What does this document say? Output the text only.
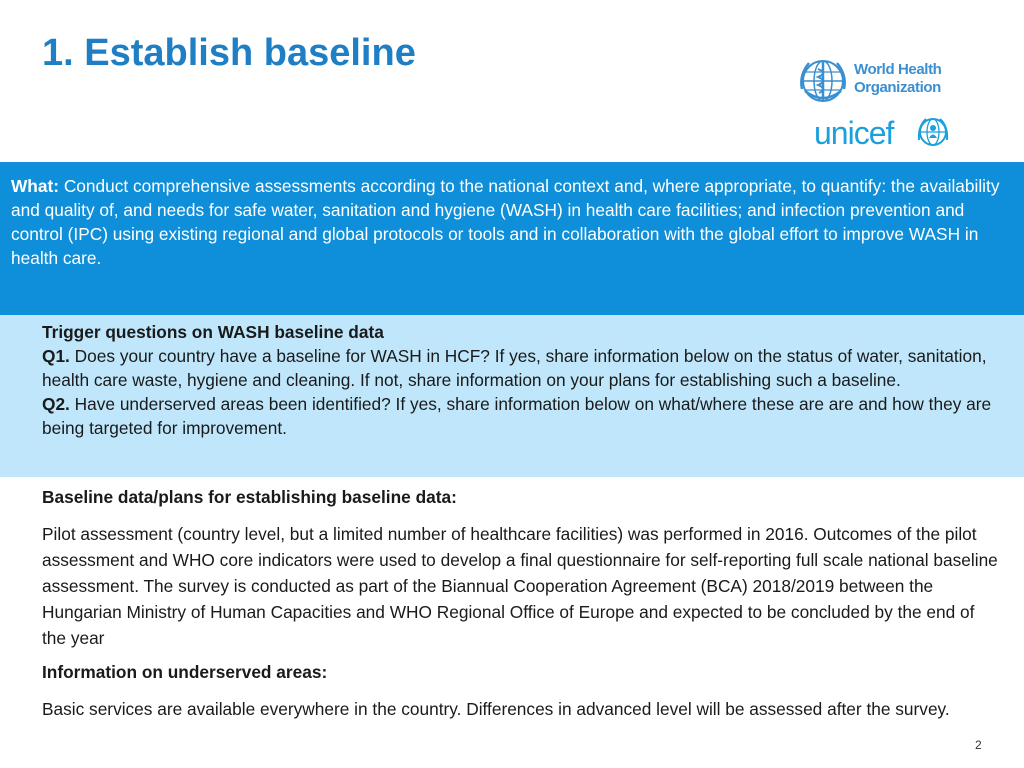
1. Establish baseline	World Health
Organization
unicef
What: Conduct comprehensive assessments according to the national context and, where appropriate, to quantify: the availability and quality of, and needs for safe water, sanitation and hygiene (WASH) in health care facilities; and infection prevention and control (IPC) using existing regional and global protocols or tools and in collaboration with the global effort to improve WASH in health care.
Trigger questions on WASH baseline data
Q1. Does your country have a baseline for WASH in HCF? If yes, share information below on the status of water, sanitation, health care waste, hygiene and cleaning. If not, share information on your plans for establishing such a baseline.
Q2. Have underserved areas been identified? If yes, share information below on what/where these are are and how they are being targeted for improvement.
Baseline data/plans for establishing baseline data:
Pilot assessment (country level, but a limited number of healthcare facilities) was performed in 2016. Outcomes of the pilot assessment and WHO core indicators were used to develop a final questionnaire for self-reporting full scale national baseline assessment. The survey is conducted as part of the Biannual Cooperation Agreement (BCA) 2018/2019 between the Hungarian Ministry of Human Capacities and WHO Regional Office of Europe and expected to be concluded by the end of the year
Information on underserved areas:
Basic services are available everywhere in the country. Differences in advanced level will be assessed after the survey.
2
